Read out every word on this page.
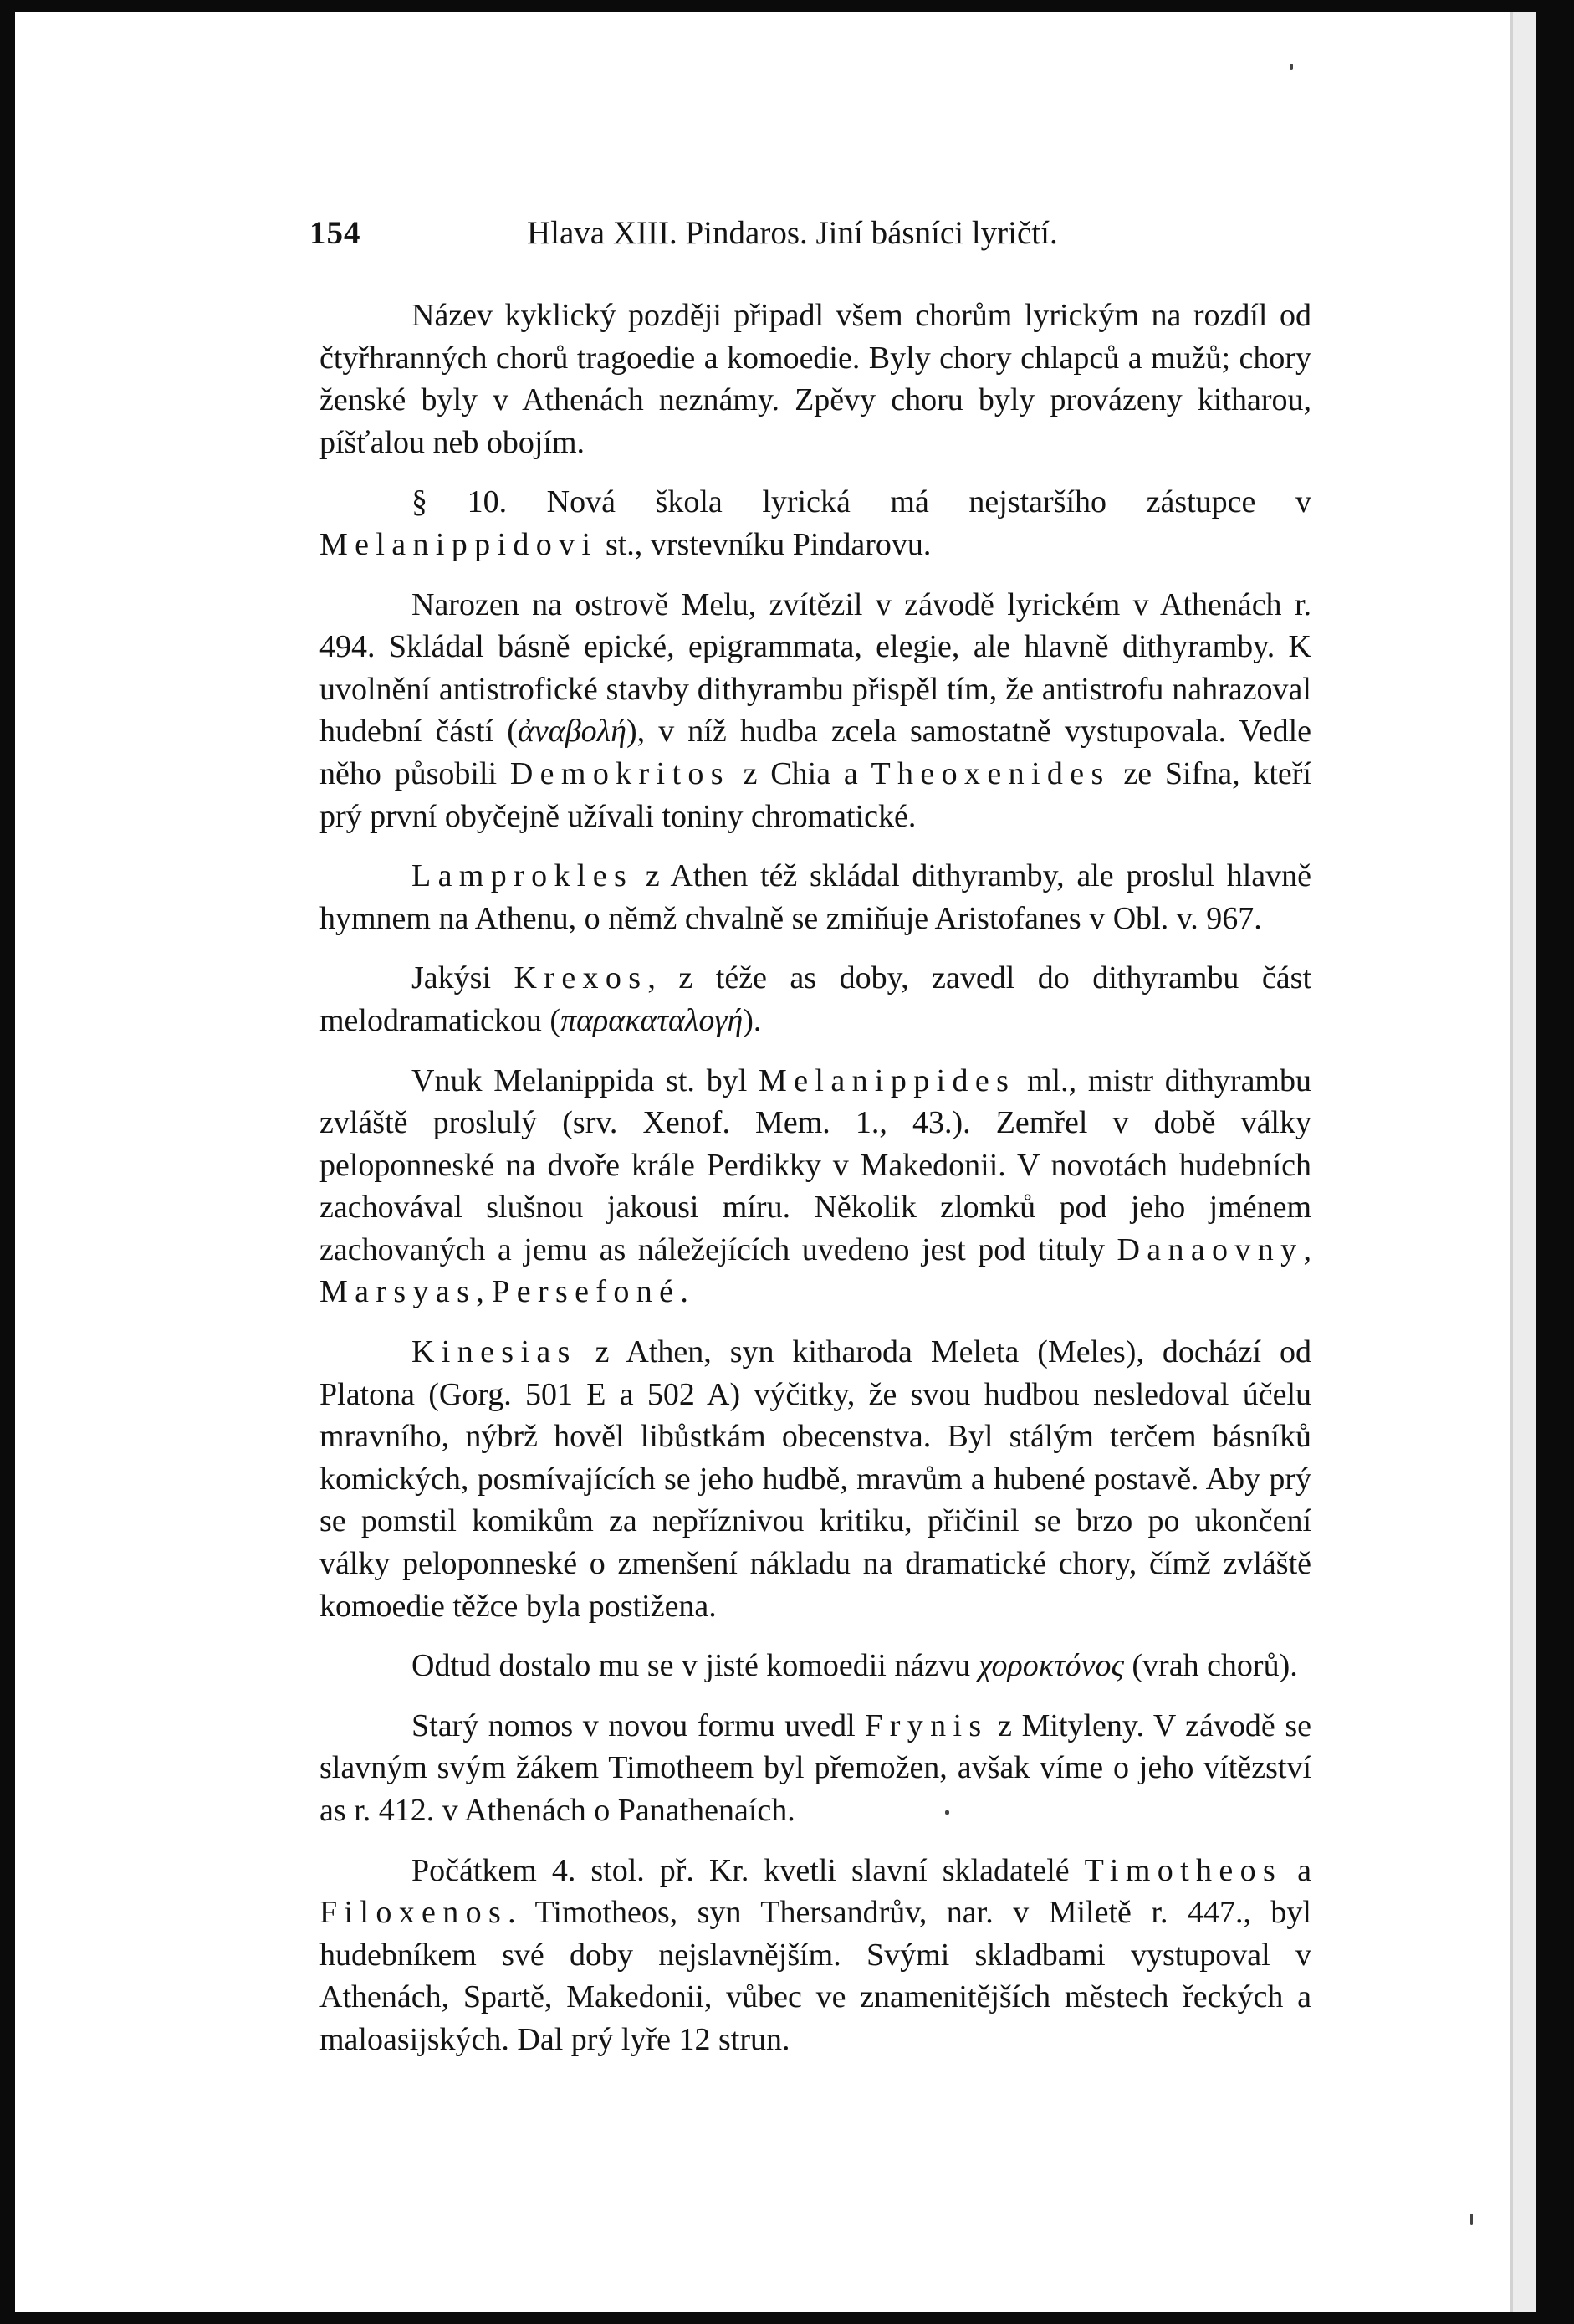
154	Hlava XIII. Pindaros. Jiní básníci lyričtí.

Název kyklický později připadl všem chorům lyrickým na rozdíl od čtyřhranných chorů tragoedie a komoedie. Byly chory chlapců a mužů; chory ženské byly v Athenách neznámy. Zpěvy choru byly provázeny kitharou, píšťalou neb obojím.

§ 10. Nová škola lyrická má nejstaršího zástupce v Melanippidovi st., vrstevníku Pindarovu.

Narozen na ostrově Melu, zvítězil v závodě lyrickém v Athenách r. 494. Skládal básně epické, epigrammata, elegie, ale hlavně dithyramby. K uvolnění antistrofické stavby dithyrambu přispěl tím, že antistrofu nahrazoval hudební částí (ἀναβολή), v níž hudba zcela samostatně vystupovala. Vedle něho působili Demokritos z Chia a Theoxenides ze Sifna, kteří prý první obyčejně užívali toniny chromatické.

Lamprokles z Athen též skládal dithyramby, ale proslul hlavně hymnem na Athenu, o němž chvalně se zmiňuje Aristofanes v Obl. v. 967.

Jakýsi Krexos, z téže as doby, zavedl do dithyrambu část melodramatickou (παρακαταλογή).

Vnuk Melanippida st. byl Melanippides ml., mistr dithyrambu zvláště proslulý (srv. Xenof. Mem. 1., 43.). Zemřel v době války peloponneské na dvoře krále Perdikky v Makedonii. V novotách hudebních zachovával slušnou jakousi míru. Několik zlomků pod jeho jménem zachovaných a jemu as náležejících uvedeno jest pod tituly Danaovny, Marsyas, Persefoné.

Kinesias z Athen, syn kitharoda Meleta (Meles), dochází od Platona (Gorg. 501 E a 502 A) výčitky, že svou hudbou nesledoval účelu mravního, nýbrž hověl libůstkám obecenstva. Byl stálým terčem básníků komických, posmívajících se jeho hudbě, mravům a hubené postavě. Aby prý se pomstil komikům za nepříznivou kritiku, přičinil se brzo po ukončení války peloponneské o zmenšení nákladu na dramatické chory, čímž zvláště komoedie těžce byla postižena.

Odtud dostalo mu se v jisté komoedii názvu χοροκτόνος (vrah chorů).

Starý nomos v novou formu uvedl Frynis z Mityleny. V závodě se slavným svým žákem Timotheem byl přemožen, avšak víme o jeho vítězství as r. 412. v Athenách o Panathenaích.

Počátkem 4. stol. př. Kr. kvetli slavní skladatelé Timotheos a Filoxenos. Timotheos, syn Thersandrův, nar. v Miletě r. 447., byl hudebníkem své doby nejslavnějším. Svými skladbami vystupoval v Athenách, Spartě, Makedonii, vůbec ve znamenitějších městech řeckých a maloasijských. Dal prý lyře 12 strun.
